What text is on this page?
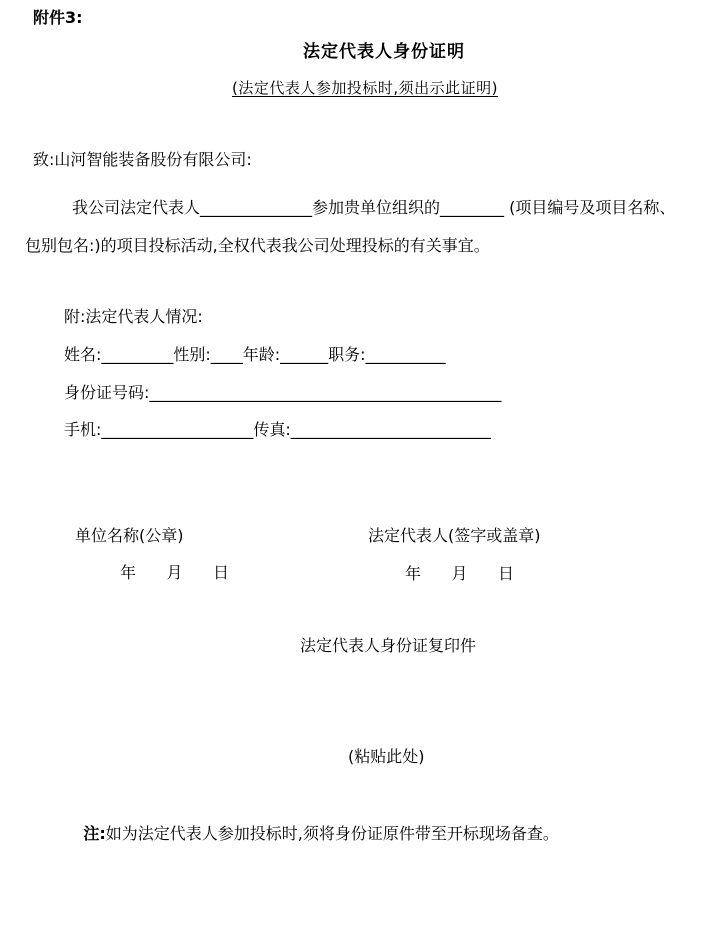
附件3:
法定代表人身份证明
(法定代表人参加投标时,须出示此证明)
致:山河智能装备股份有限公司:
我公司法定代表人______________参加贵单位组织的________ (项目编号及项目名称、
包别包名:)的项目投标活动,全权代表我公司处理投标的有关事宜。
附:法定代表人情况:
姓名:_________性别:____年龄:______职务:__________
身份证号码:____________________________________________
手机:___________________传真:_________________________
单位名称(公章)	法定代表人(签字或盖章)
年      月      日	年      月      日
法定代表人身份证复印件
(粘贴此处)

注:如为法定代表人参加投标时,须将身份证原件带至开标现场备查。
